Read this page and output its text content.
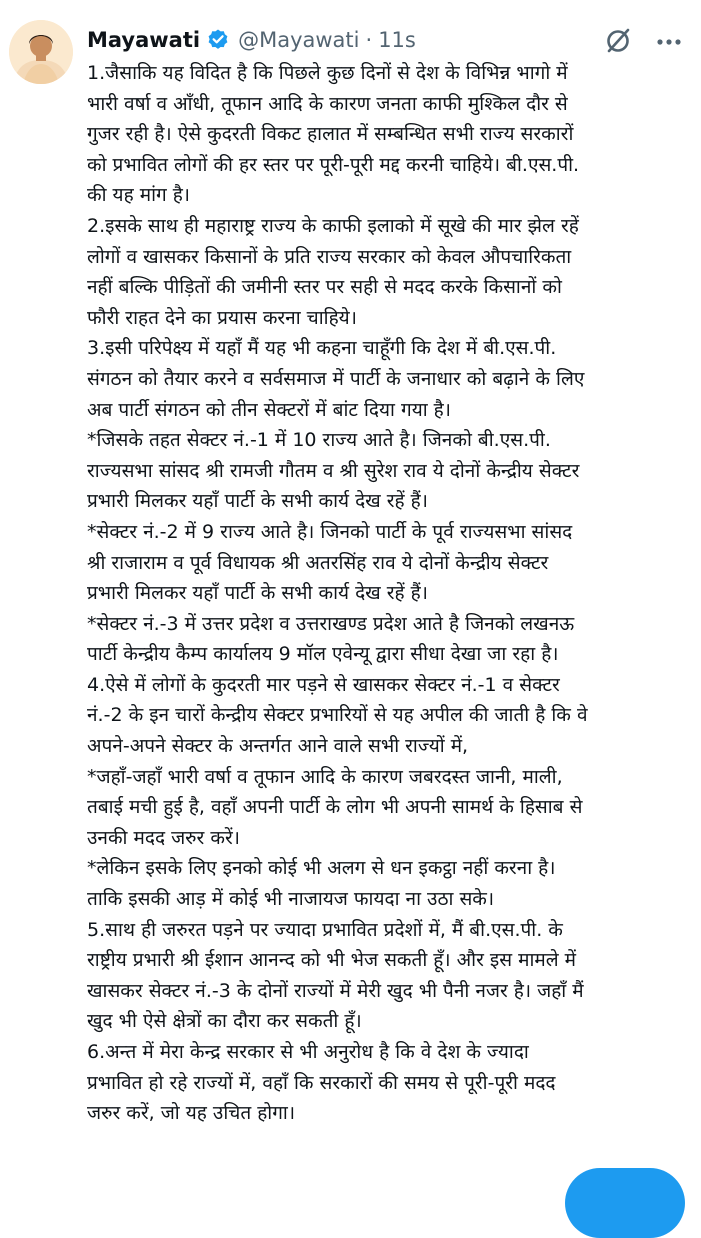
Mayawati @Mayawati · 11s
1.जैसाकि यह विदित है कि पिछले कुछ दिनों से देश के विभिन्न भागो में
भारी वर्षा व आँधी, तूफान आदि के कारण जनता काफी मुश्किल दौर से
गुजर रही है। ऐसे कुदरती विकट हालात में सम्बन्धित सभी राज्य सरकारों
को प्रभावित लोगों की हर स्तर पर पूरी-पूरी मद्द करनी चाहिये। बी.एस.पी.
की यह मांग है।
2.इसके साथ ही महाराष्ट्र राज्य के काफी इलाको में सूखे की मार झेल रहें
लोगों व खासकर किसानों के प्रति राज्य सरकार को केवल औपचारिकता
नहीं बल्कि पीड़ितों की जमीनी स्तर पर सही से मदद करके किसानों को
फौरी राहत देने का प्रयास करना चाहिये।
3.इसी परिपेक्ष्य में यहाँ मैं यह भी कहना चाहूँगी कि देश में बी.एस.पी.
संगठन को तैयार करने व सर्वसमाज में पार्टी के जनाधार को बढ़ाने के लिए
अब पार्टी संगठन को तीन सेक्टरों में बांट दिया गया है।
*जिसके तहत सेक्टर नं.-1 में 10 राज्य आते है। जिनको बी.एस.पी.
राज्यसभा सांसद श्री रामजी गौतम व श्री सुरेश राव ये दोनों केन्द्रीय सेक्टर
प्रभारी मिलकर यहाँ पार्टी के सभी कार्य देख रहें हैं।
*सेक्टर नं.-2 में 9 राज्य आते है। जिनको पार्टी के पूर्व राज्यसभा सांसद
श्री राजाराम व पूर्व विधायक श्री अतरसिंह राव ये दोनों केन्द्रीय सेक्टर
प्रभारी मिलकर यहाँ पार्टी के सभी कार्य देख रहें हैं।
*सेक्टर नं.-3 में उत्तर प्रदेश व उत्तराखण्ड प्रदेश आते है जिनको लखनऊ
पार्टी केन्द्रीय कैम्प कार्यालय 9 मॉल एवेन्यू द्वारा सीधा देखा जा रहा है।
4.ऐसे में लोगों के कुदरती मार पड़ने से खासकर सेक्टर नं.-1 व सेक्टर
नं.-2 के इन चारों केन्द्रीय सेक्टर प्रभारियों से यह अपील की जाती है कि वे
अपने-अपने सेक्टर के अन्तर्गत आने वाले सभी राज्यों में,
*जहाँ-जहाँ भारी वर्षा व तूफान आदि के कारण जबरदस्त जानी, माली,
तबाई मची हुई है, वहाँ अपनी पार्टी के लोग भी अपनी सामर्थ के हिसाब से
उनकी मदद जरुर करें।
*लेकिन इसके लिए इनको कोई भी अलग से धन इकट्ठा नहीं करना है।
ताकि इसकी आड़ में कोई भी नाजायज फायदा ना उठा सके।
5.साथ ही जरुरत पड़ने पर ज्यादा प्रभावित प्रदेशों में, मैं बी.एस.पी. के
राष्ट्रीय प्रभारी श्री ईशान आनन्द को भी भेज सकती हूँ। और इस मामले में
खासकर सेक्टर नं.-3 के दोनों राज्यों में मेरी खुद भी पैनी नजर है। जहाँ मैं
खुद भी ऐसे क्षेत्रों का दौरा कर सकती हूँ।
6.अन्त में मेरा केन्द्र सरकार से भी अनुरोध है कि वे देश के ज्यादा
प्रभावित हो रहे राज्यों में, वहाँ कि सरकारों की समय से पूरी-पूरी मदद
जरुर करें, जो यह उचित होगा।
